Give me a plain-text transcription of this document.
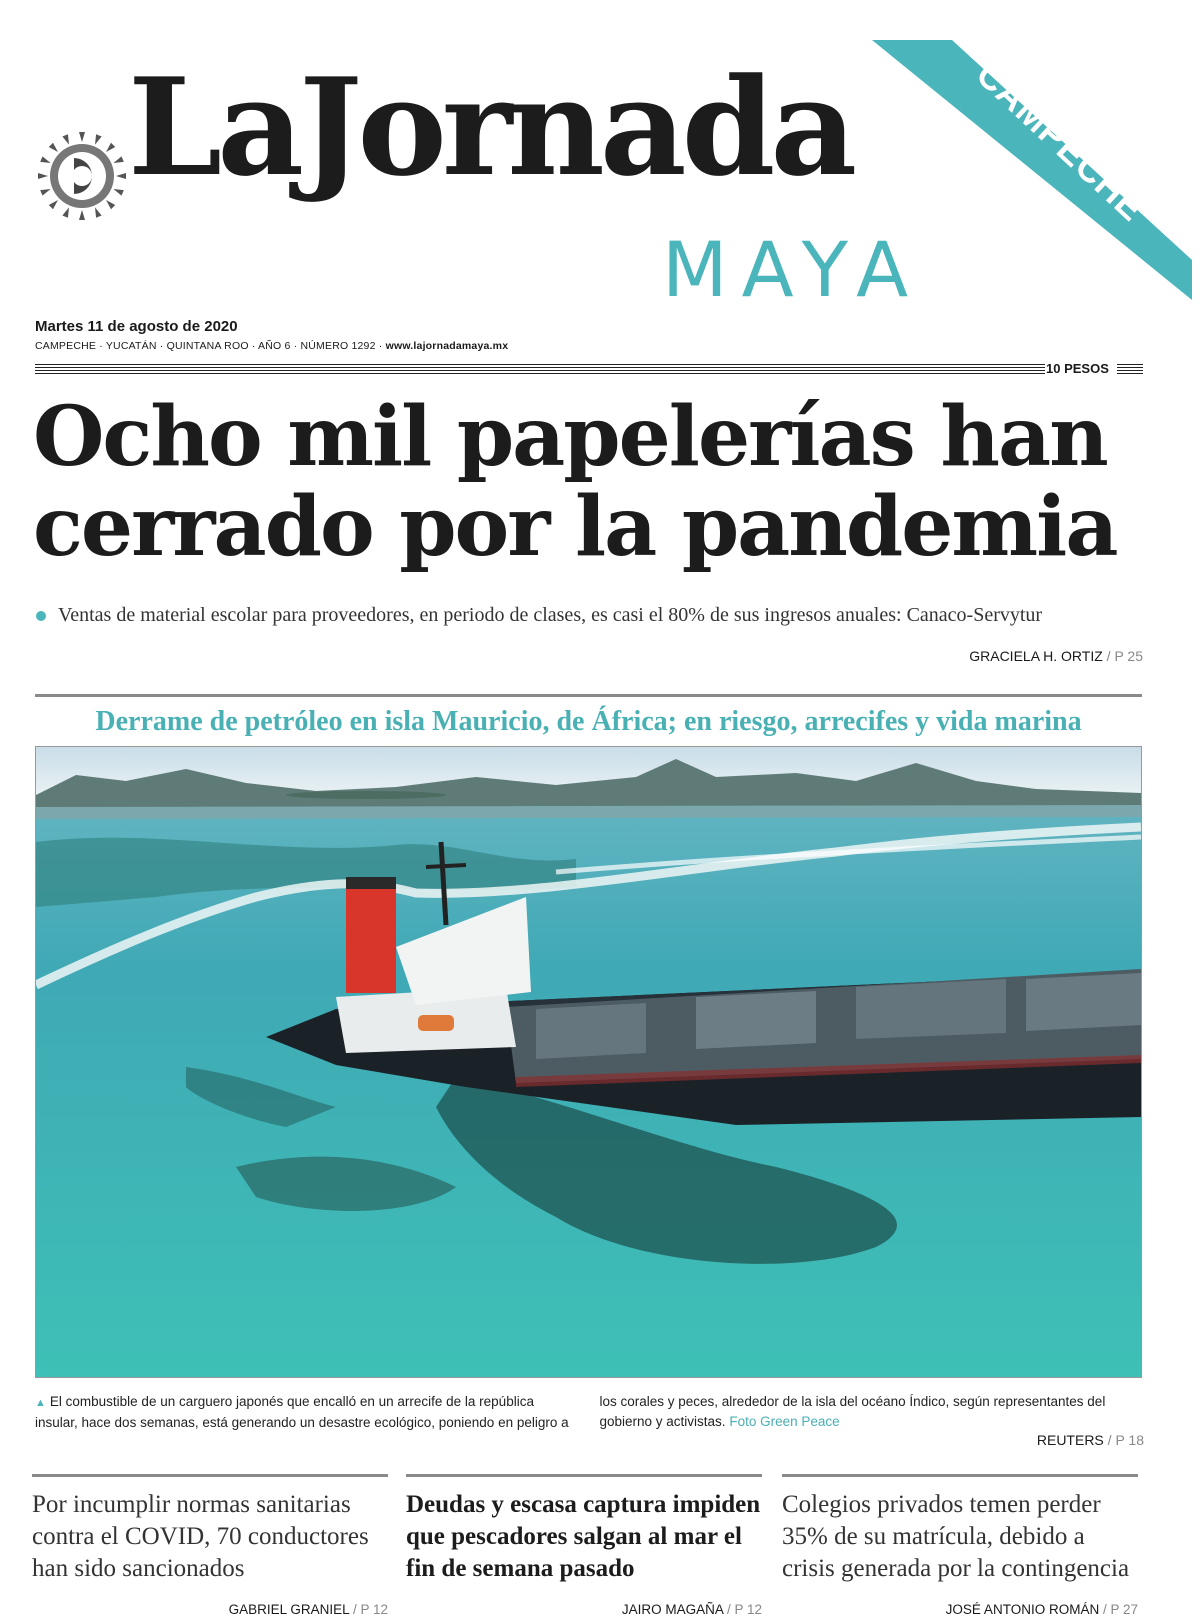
LaJornada
MAYA
CAMPECHE
Martes 11 de agosto de 2020
CAMPECHE · YUCATÁN · QUINTANA ROO · AÑO 6 · NÚMERO 1292 · www.lajornadamaya.mx
10 PESOS
Ocho mil papelerías han
cerrado por la pandemia
Ventas de material escolar para proveedores, en periodo de clases, es casi el 80% de sus ingresos anuales: Canaco-Servytur
GRACIELA H. ORTIZ / P 25
Derrame de petróleo en isla Mauricio, de África; en riesgo, arrecifes y vida marina
▲ El combustible de un carguero japonés que encalló en un arrecife de la república insular, hace dos semanas, está generando un desastre ecológico, poniendo en peligro a los corales y peces, alrededor de la isla del océano Índico, según representantes del gobierno y activistas. Foto Green Peace
REUTERS / P 18
Por incumplir normas sanitarias contra el COVID, 70 conductores han sido sancionados
GABRIEL GRANIEL / P 12
Deudas y escasa captura impiden que pescadores salgan al mar el fin de semana pasado
JAIRO MAGAÑA / P 12
Colegios privados temen perder 35% de su matrícula, debido a crisis generada por la contingencia
JOSÉ ANTONIO ROMÁN / P 27
